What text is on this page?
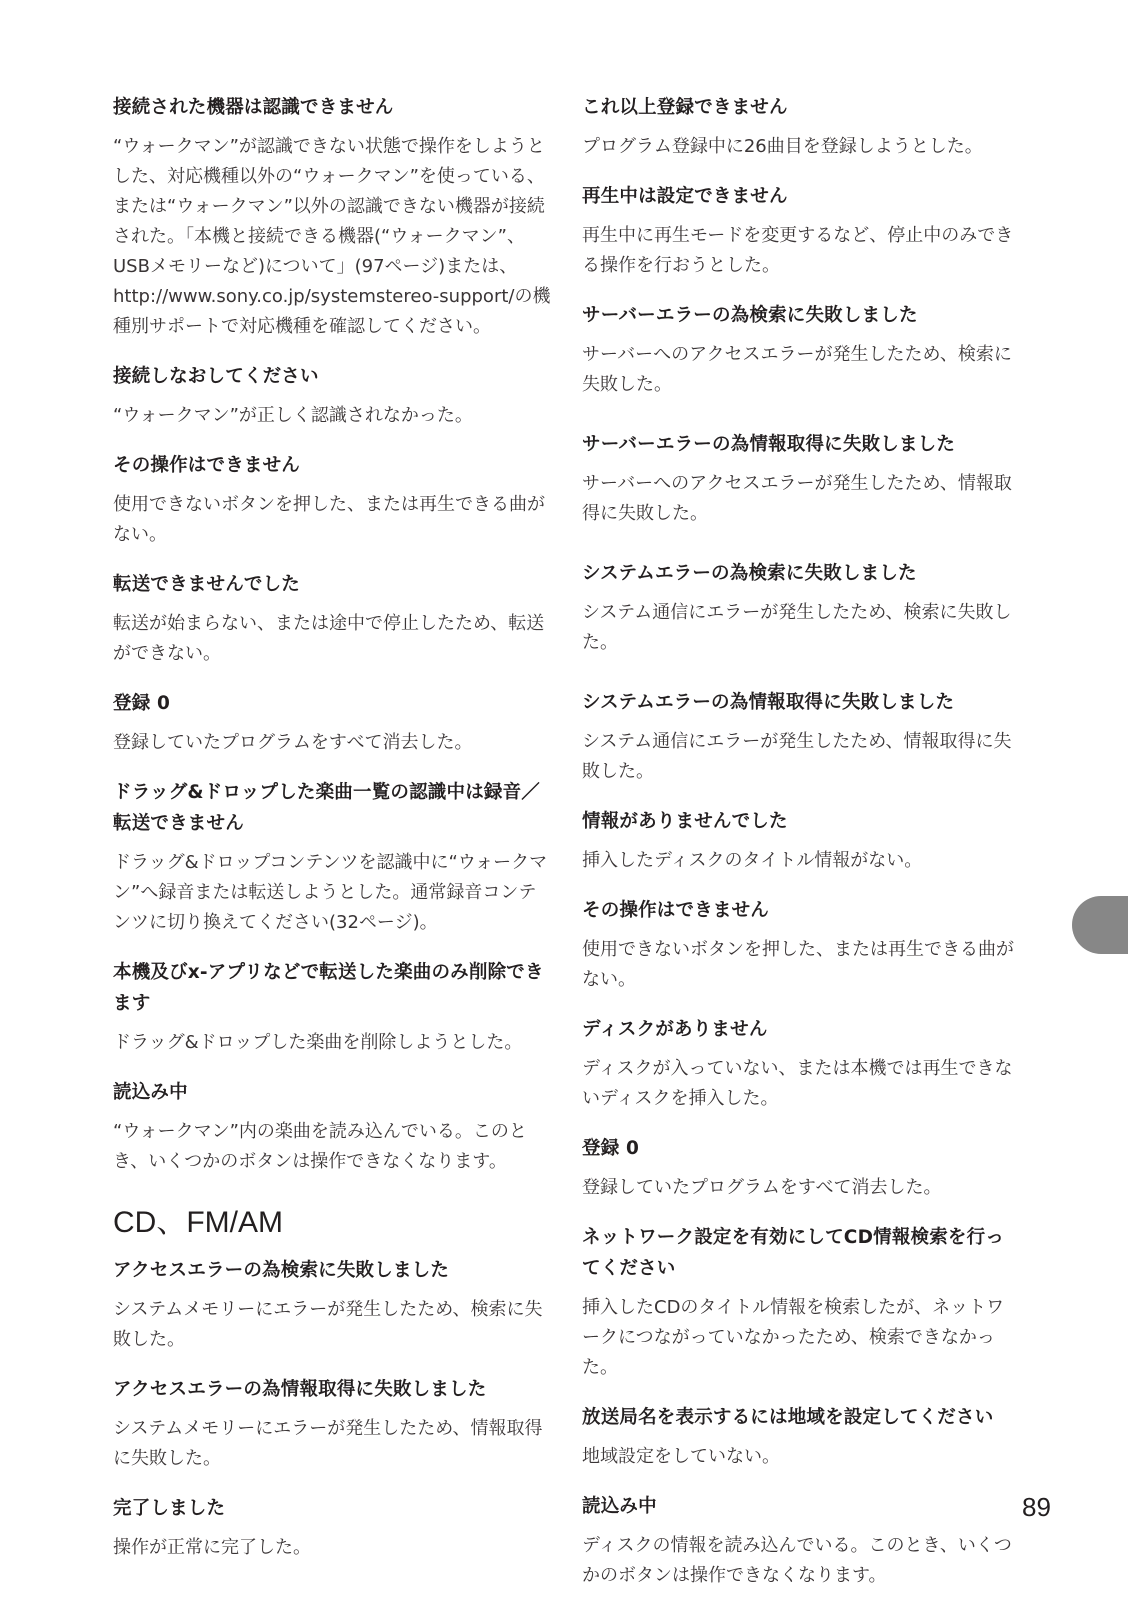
接続された機器は認識できません

“ウォークマン”が認識できない状態で操作をしようとした、対応機種以外の“ウォークマン”を使っている、または“ウォークマン”以外の認識できない機器が接続された。「本機と接続できる機器(“ウォークマン”、USBメモリーなど)について」(97ページ)または、http://www.sony.co.jp/systemstereo-support/の機種別サポートで対応機種を確認してください。

接続しなおしてください

“ウォークマン”が正しく認識されなかった。

その操作はできません

使用できないボタンを押した、または再生できる曲がない。

転送できませんでした

転送が始まらない、または途中で停止したため、転送ができない。

登録 0

登録していたプログラムをすべて消去した。

ドラッグ&ドロップした楽曲一覧の認識中は録音／転送できません

ドラッグ&ドロップコンテンツを認識中に“ウォークマン”へ録音または転送しようとした。通常録音コンテンツに切り換えてください(32ページ)。

本機及びx-アプリなどで転送した楽曲のみ削除できます

ドラッグ&ドロップした楽曲を削除しようとした。

読込み中

“ウォークマン”内の楽曲を読み込んでいる。このとき、いくつかのボタンは操作できなくなります。

CD、FM/AM
アクセスエラーの為検索に失敗しました

システムメモリーにエラーが発生したため、検索に失敗した。

アクセスエラーの為情報取得に失敗しました

システムメモリーにエラーが発生したため、情報取得に失敗した。

完了しました

操作が正常に完了した。

これ以上登録できません

プログラム登録中に26曲目を登録しようとした。

再生中は設定できません

再生中に再生モードを変更するなど、停止中のみできる操作を行おうとした。

サーバーエラーの為検索に失敗しました

サーバーへのアクセスエラーが発生したため、検索に失敗した。

サーバーエラーの為情報取得に失敗しました

サーバーへのアクセスエラーが発生したため、情報取得に失敗した。

システムエラーの為検索に失敗しました

システム通信にエラーが発生したため、検索に失敗した。

システムエラーの為情報取得に失敗しました

システム通信にエラーが発生したため、情報取得に失敗した。

情報がありませんでした

挿入したディスクのタイトル情報がない。

その操作はできません

使用できないボタンを押した、または再生できる曲がない。

ディスクがありません

ディスクが入っていない、または本機では再生できないディスクを挿入した。

登録 0

登録していたプログラムをすべて消去した。

ネットワーク設定を有効にしてCD情報検索を行ってください

挿入したCDのタイトル情報を検索したが、ネットワークにつながっていなかったため、検索できなかった。

放送局名を表示するには地域を設定してください

地域設定をしていない。

読込み中

ディスクの情報を読み込んでいる。このとき、いくつかのボタンは操作できなくなります。

89
